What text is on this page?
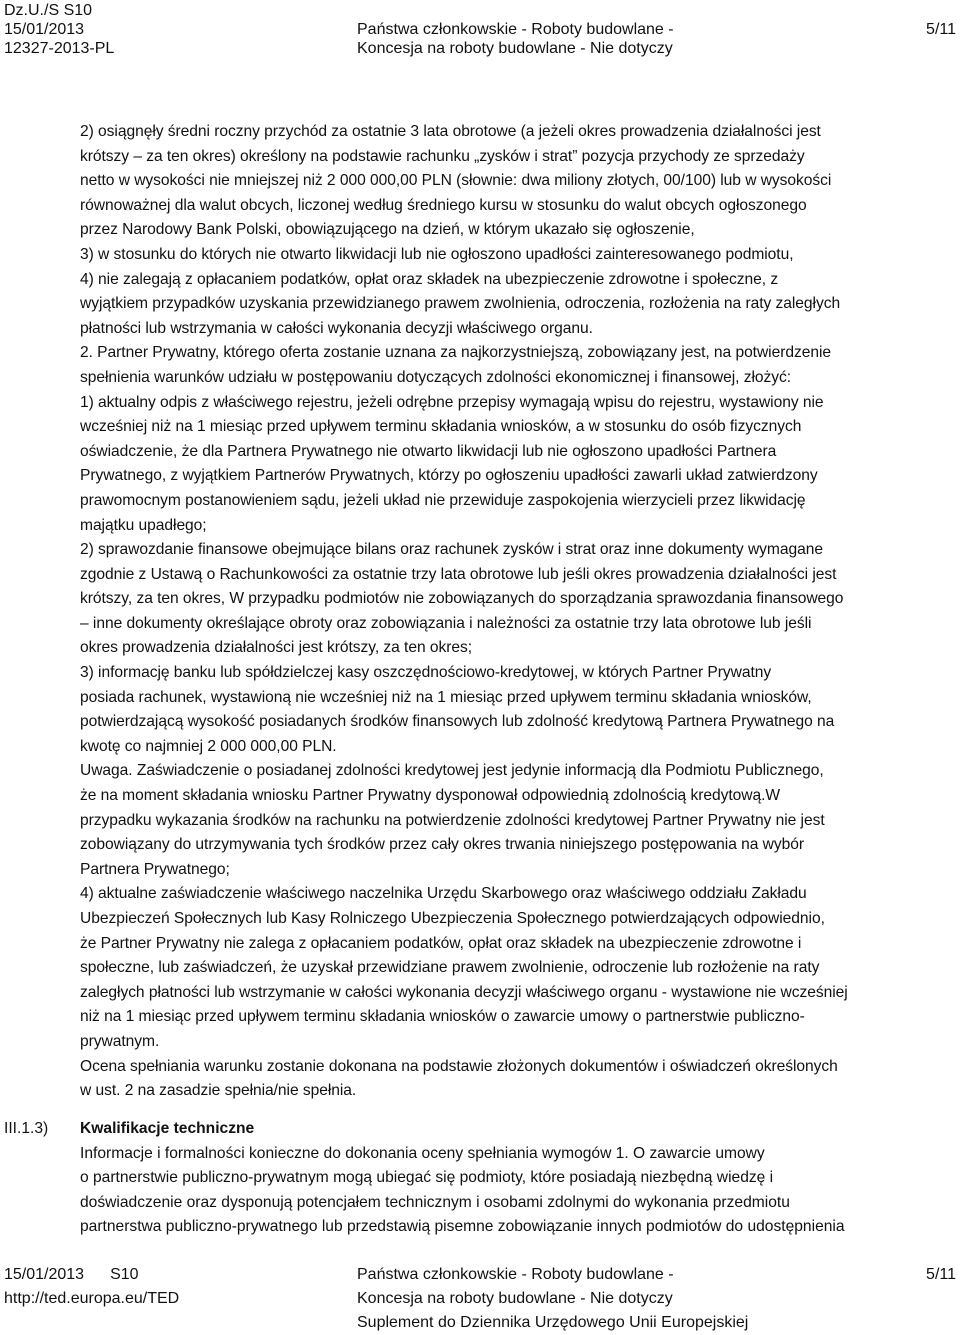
Dz.U./S S10
15/01/2013
12327-2013-PL
Państwa członkowskie - Roboty budowlane -
Koncesja na roboty budowlane - Nie dotyczy
5/11
2) osiągnęły średni roczny przychód za ostatnie 3 lata obrotowe (a jeżeli okres prowadzenia działalności jest
krótszy – za ten okres) określony na podstawie rachunku „zysków i strat” pozycja przychody ze sprzedaży
netto w wysokości nie mniejszej niż 2 000 000,00 PLN (słownie: dwa miliony złotych, 00/100) lub w wysokości
równoważnej dla walut obcych, liczonej według średniego kursu w stosunku do walut obcych ogłoszonego
przez Narodowy Bank Polski, obowiązującego na dzień, w którym ukazało się ogłoszenie,
3) w stosunku do których nie otwarto likwidacji lub nie ogłoszono upadłości zainteresowanego podmiotu,
4) nie zalegają z opłacaniem podatków, opłat oraz składek na ubezpieczenie zdrowotne i społeczne, z
wyjątkiem przypadków uzyskania przewidzianego prawem zwolnienia, odroczenia, rozłożenia na raty zaległych
płatności lub wstrzymania w całości wykonania decyzji właściwego organu.
2. Partner Prywatny, którego oferta zostanie uznana za najkorzystniejszą, zobowiązany jest, na potwierdzenie
spełnienia warunków udziału w postępowaniu dotyczących zdolności ekonomicznej i finansowej, złożyć:
1) aktualny odpis z właściwego rejestru, jeżeli odrębne przepisy wymagają wpisu do rejestru, wystawiony nie
wcześniej niż na 1 miesiąc przed upływem terminu składania wniosków, a w stosunku do osób fizycznych
oświadczenie, że dla Partnera Prywatnego nie otwarto likwidacji lub nie ogłoszono upadłości Partnera
Prywatnego, z wyjątkiem Partnerów Prywatnych, którzy po ogłoszeniu upadłości zawarli układ zatwierdzony
prawomocnym postanowieniem sądu, jeżeli układ nie przewiduje zaspokojenia wierzycieli przez likwidację
majątku upadłego;
2) sprawozdanie finansowe obejmujące bilans oraz rachunek zysków i strat oraz inne dokumenty wymagane
zgodnie z Ustawą o Rachunkowości za ostatnie trzy lata obrotowe lub jeśli okres prowadzenia działalności jest
krótszy, za ten okres, W przypadku podmiotów nie zobowiązanych do sporządzania sprawozdania finansowego
– inne dokumenty określające obroty oraz zobowiązania i należności za ostatnie trzy lata obrotowe lub jeśli
okres prowadzenia działalności jest krótszy, za ten okres;
3) informację banku lub spółdzielczej kasy oszczędnościowo-kredytowej, w których Partner Prywatny
posiada rachunek, wystawioną nie wcześniej niż na 1 miesiąc przed upływem terminu składania wniosków,
potwierdzającą wysokość posiadanych środków finansowych lub zdolność kredytową Partnera Prywatnego na
kwotę co najmniej 2 000 000,00 PLN.
Uwaga. Zaświadczenie o posiadanej zdolności kredytowej jest jedynie informacją dla Podmiotu Publicznego,
że na moment składania wniosku Partner Prywatny dysponował odpowiednią zdolnością kredytową.W
przypadku wykazania środków na rachunku na potwierdzenie zdolności kredytowej Partner Prywatny nie jest
zobowiązany do utrzymywania tych środków przez cały okres trwania niniejszego postępowania na wybór
Partnera Prywatnego;
4) aktualne zaświadczenie właściwego naczelnika Urzędu Skarbowego oraz właściwego oddziału Zakładu
Ubezpieczeń Społecznych lub Kasy Rolniczego Ubezpieczenia Społecznego potwierdzających odpowiednio,
że Partner Prywatny nie zalega z opłacaniem podatków, opłat oraz składek na ubezpieczenie zdrowotne i
społeczne, lub zaświadczeń, że uzyskał przewidziane prawem zwolnienie, odroczenie lub rozłożenie na raty
zaległych płatności lub wstrzymanie w całości wykonania decyzji właściwego organu - wystawione nie wcześniej
niż na 1 miesiąc przed upływem terminu składania wniosków o zawarcie umowy o partnerstwie publiczno-
prywatnym.
Ocena spełniania warunku zostanie dokonana na podstawie złożonych dokumentów i oświadczeń określonych
w ust. 2 na zasadzie spełnia/nie spełnia.
III.1.3) Kwalifikacje techniczne
Informacje i formalności konieczne do dokonania oceny spełniania wymogów 1. O zawarcie umowy
o partnerstwie publiczno-prywatnym mogą ubiegać się podmioty, które posiadają niezbędną wiedzę i
doświadczenie oraz dysponują potencjałem technicznym i osobami zdolnymi do wykonania przedmiotu
partnerstwa publiczno-prywatnego lub przedstawią pisemne zobowiązanie innych podmiotów do udostępnienia
15/01/2013 S10
http://ted.europa.eu/TED
Państwa członkowskie - Roboty budowlane -
Koncesja na roboty budowlane - Nie dotyczy
Suplement do Dziennika Urzędowego Unii Europejskiej
5/11
